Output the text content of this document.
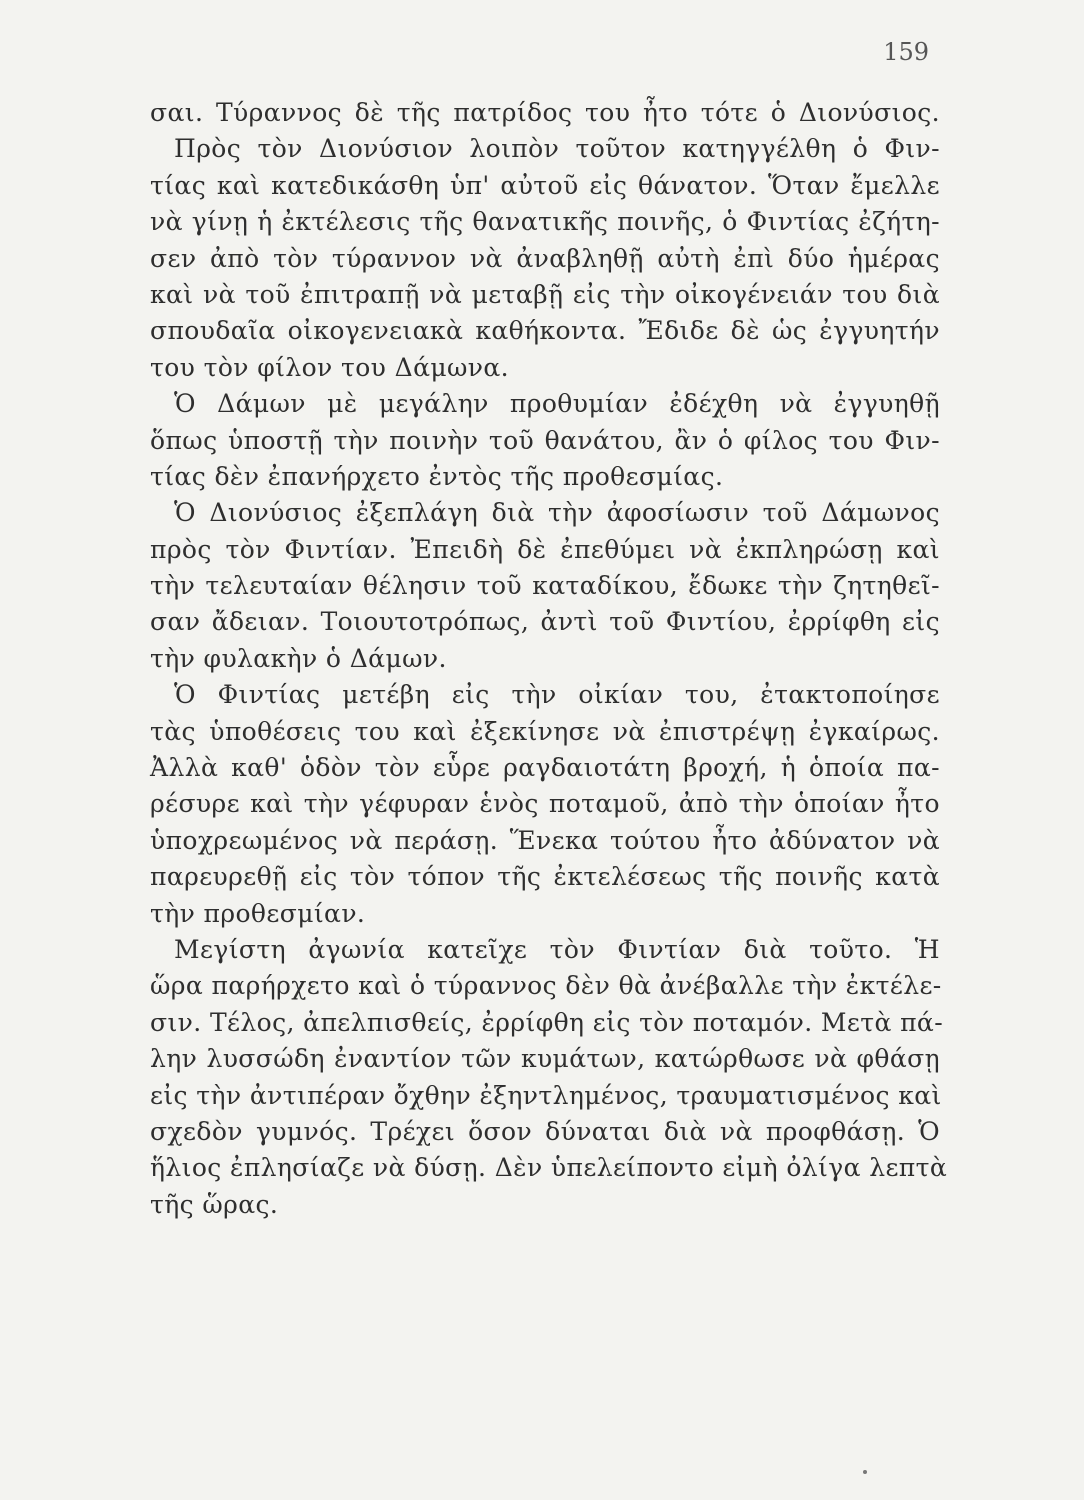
159
σαι. Τύραννος δὲ τῆς πατρίδος του ἦτο τότε ὁ Διονύσιος.
Πρὸς τὸν Διονύσιον λοιπὸν τοῦτον κατηγγέλθη ὁ Φιν-
τίας καὶ κατεδικάσθη ὑπ' αὐτοῦ εἰς θάνατον. Ὅταν ἔμελλε
νὰ γίνῃ ἡ ἐκτέλεσις τῆς θανατικῆς ποινῆς, ὁ Φιντίας ἐζήτη-
σεν ἀπὸ τὸν τύραννον νὰ ἀναβληθῇ αὐτὴ ἐπὶ δύο ἡμέρας
καὶ νὰ τοῦ ἐπιτραπῇ νὰ μεταβῇ εἰς τὴν οἰκογένειάν του διὰ
σπουδαῖα οἰκογενειακὰ καθήκοντα. Ἔδιδε δὲ ὡς ἐγγυητήν
του τὸν φίλον του Δάμωνα.
Ὁ Δάμων μὲ μεγάλην προθυμίαν ἐδέχθη νὰ ἐγγυηθῇ
ὅπως ὑποστῇ τὴν ποινὴν τοῦ θανάτου, ἂν ὁ φίλος του Φιν-
τίας δὲν ἐπανήρχετο ἐντὸς τῆς προθεσμίας.
Ὁ Διονύσιος ἐξεπλάγη διὰ τὴν ἀφοσίωσιν τοῦ Δάμωνος
πρὸς τὸν Φιντίαν. Ἐπειδὴ δὲ ἐπεθύμει νὰ ἐκπληρώσῃ καὶ
τὴν τελευταίαν θέλησιν τοῦ καταδίκου, ἔδωκε τὴν ζητηθεῖ-
σαν ἄδειαν. Τοιουτοτρόπως, ἀντὶ τοῦ Φιντίου, ἐρρίφθη εἰς
τὴν φυλακὴν ὁ Δάμων.
Ὁ Φιντίας μετέβη εἰς τὴν οἰκίαν του, ἐτακτοποίησε
τὰς ὑποθέσεις του καὶ ἐξεκίνησε νὰ ἐπιστρέψῃ ἐγκαίρως.
Ἀλλὰ καθ' ὁδὸν τὸν εὗρε ραγδαιοτάτη βροχή, ἡ ὁποία πα-
ρέσυρε καὶ τὴν γέφυραν ἑνὸς ποταμοῦ, ἀπὸ τὴν ὁποίαν ἦτο
ὑποχρεωμένος νὰ περάσῃ. Ἕνεκα τούτου ἦτο ἀδύνατον νὰ
παρευρεθῇ εἰς τὸν τόπον τῆς ἐκτελέσεως τῆς ποινῆς κατὰ
τὴν προθεσμίαν.
Μεγίστη ἀγωνία κατεῖχε τὸν Φιντίαν διὰ τοῦτο. Ἡ
ὥρα παρήρχετο καὶ ὁ τύραννος δὲν θὰ ἀνέβαλλε τὴν ἐκτέλε-
σιν. Τέλος, ἀπελπισθείς, ἐρρίφθη εἰς τὸν ποταμόν. Μετὰ πά-
λην λυσσώδη ἐναντίον τῶν κυμάτων, κατώρθωσε νὰ φθάσῃ
εἰς τὴν ἀντιπέραν ὄχθην ἐξηντλημένος, τραυματισμένος καὶ
σχεδὸν γυμνός. Τρέχει ὅσον δύναται διὰ νὰ προφθάσῃ. Ὁ
ἥλιος ἐπλησίαζε νὰ δύσῃ. Δὲν ὑπελείποντο εἰμὴ ὀλίγα λεπτὰ
τῆς ὥρας.
